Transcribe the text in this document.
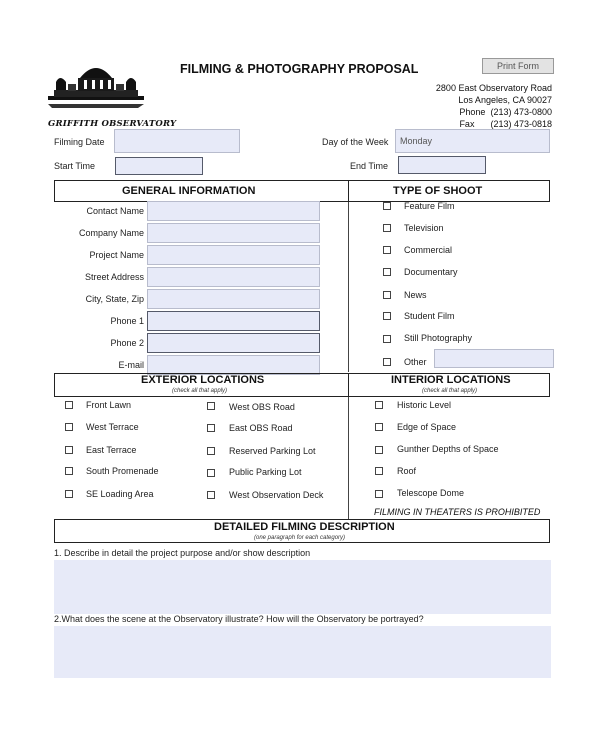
GRIFFITH OBSERVATORY
FILMING & PHOTOGRAPHY PROPOSAL	Print Form
2800 East Observatory Road
Los Angeles, CA 90027
Phone (213) 473-0800
Fax (213) 473-0818
Filming Date
Start Time
Day of the Week Monday
End Time
GENERAL INFORMATION	TYPE OF SHOOT
Contact Name
Company Name
Project Name
Street Address
City, State, Zip
Phone 1
Phone 2
E-mail
Feature Film
Television
Commercial
Documentary
News
Student Film
Still Photography
Other
EXTERIOR LOCATIONS
(check all that apply)
INTERIOR LOCATIONS
(check all that apply)
Front Lawn
West Terrace
East Terrace
South Promenade
SE Loading Area
West OBS Road
East OBS Road
Reserved Parking Lot
Public Parking Lot
West Observation Deck
Historic Level
Edge of Space
Gunther Depths of Space
Roof
Telescope Dome
FILMING IN THEATERS IS PROHIBITED
DETAILED FILMING DESCRIPTION
(one paragraph for each category)
1. Describe in detail the project purpose and/or show description
2.What does the scene at the Observatory illustrate? How will the Observatory be portrayed?
